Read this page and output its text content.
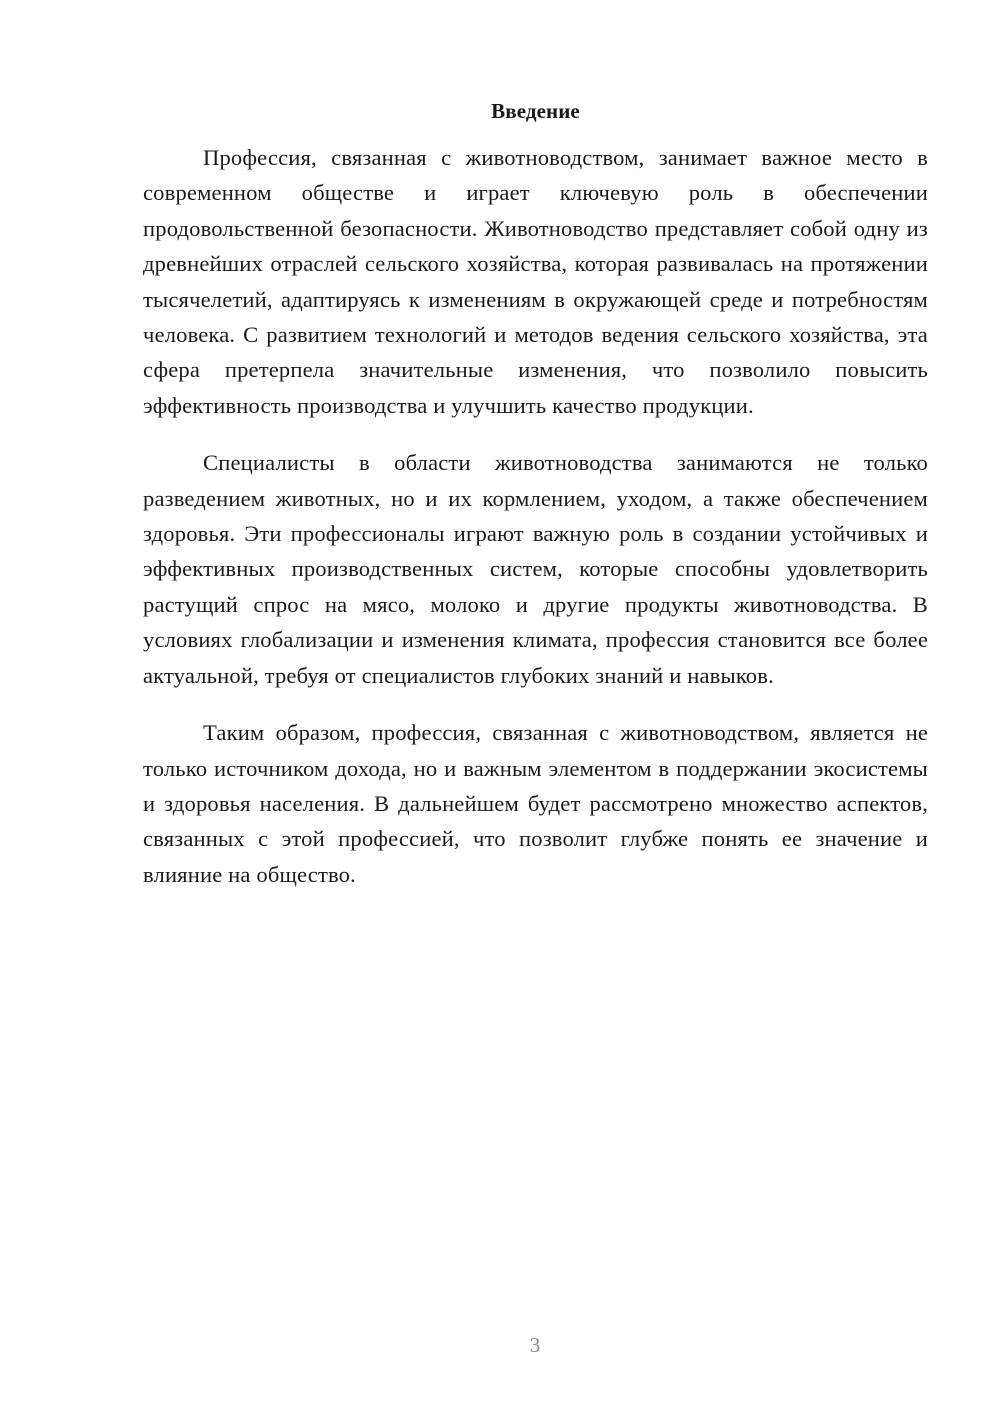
Введение

Профессия, связанная с животноводством, занимает важное место в современном обществе и играет ключевую роль в обеспечении продовольственной безопасности. Животноводство представляет собой одну из древнейших отраслей сельского хозяйства, которая развивалась на протяжении тысячелетий, адаптируясь к изменениям в окружающей среде и потребностям человека. С развитием технологий и методов ведения сельского хозяйства, эта сфера претерпела значительные изменения, что позволило повысить эффективность производства и улучшить качество продукции.

Специалисты в области животноводства занимаются не только разведением животных, но и их кормлением, уходом, а также обеспечением здоровья. Эти профессионалы играют важную роль в создании устойчивых и эффективных производственных систем, которые способны удовлетворить растущий спрос на мясо, молоко и другие продукты животноводства. В условиях глобализации и изменения климата, профессия становится все более актуальной, требуя от специалистов глубоких знаний и навыков.

Таким образом, профессия, связанная с животноводством, является не только источником дохода, но и важным элементом в поддержании экосистемы и здоровья населения. В дальнейшем будет рассмотрено множество аспектов, связанных с этой профессией, что позволит глубже понять ее значение и влияние на общество.

3
